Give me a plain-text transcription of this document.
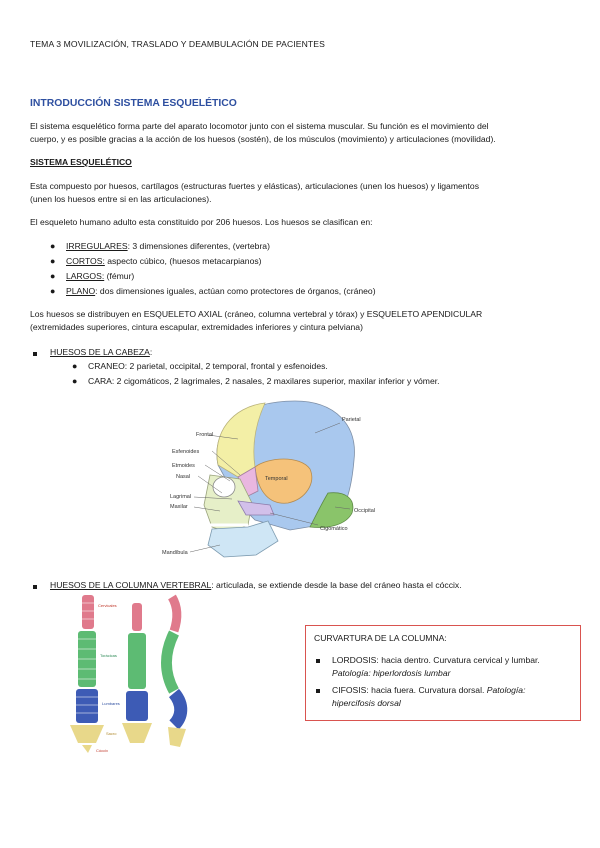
TEMA 3 MOVILIZACIÓN, TRASLADO Y DEAMBULACIÓN DE PACIENTES
INTRODUCCIÓN SISTEMA ESQUELÉTICO
El sistema esquelético forma parte del aparato locomotor junto con el sistema muscular. Su función es el movimiento del
cuerpo, y es posible gracias a la acción de los huesos (sostén), de los músculos (movimiento) y articulaciones (movilidad).
SISTEMA ESQUELÉTICO
Esta compuesto por huesos, cartílagos (estructuras fuertes y elásticas), articulaciones (unen los huesos) y ligamentos
(unen los huesos entre si en las articulaciones).
El esqueleto humano adulto esta constituido por 206 huesos. Los huesos se clasifican en:
● IRREGULARES: 3 dimensiones diferentes, (vertebra)
● CORTOS: aspecto cúbico, (huesos metacarpianos)
● LARGOS: (fémur)
● PLANO: dos dimensiones iguales, actúan como protectores de órganos, (cráneo)
Los huesos se distribuyen en ESQUELETO AXIAL (cráneo, columna vertebral y tórax) y ESQUELETO APENDICULAR
(extremidades superiores, cintura escapular, extremidades inferiores y cintura pelviana)
HUESOS DE LA CABEZA:
● CRANEO: 2 parietal, occipital, 2 temporal, frontal y esfenoides.
● CARA: 2 cigomáticos, 2 lagrimales, 2 nasales, 2 maxilares superior, maxilar inferior y vómer.
Frontal
Esfenoides
Etmoides
Nasal
Lagrimal
Maxilar
Mandíbula
Parietal
Temporal
Occipital
Cigomático
HUESOS DE LA COLUMNA VERTEBRAL: articulada, se extiende desde la base del cráneo hasta el cóccix.
Cervicales
Torácicas
Lumbares
Sacro
Cóccix
CURVARTURA DE LA COLUMNA:
LORDOSIS: hacia dentro. Curvatura cervical y lumbar. Patología: hiperlordosis lumbar
CIFOSIS: hacia fuera. Curvatura dorsal. Patología: hipercifosis dorsal
